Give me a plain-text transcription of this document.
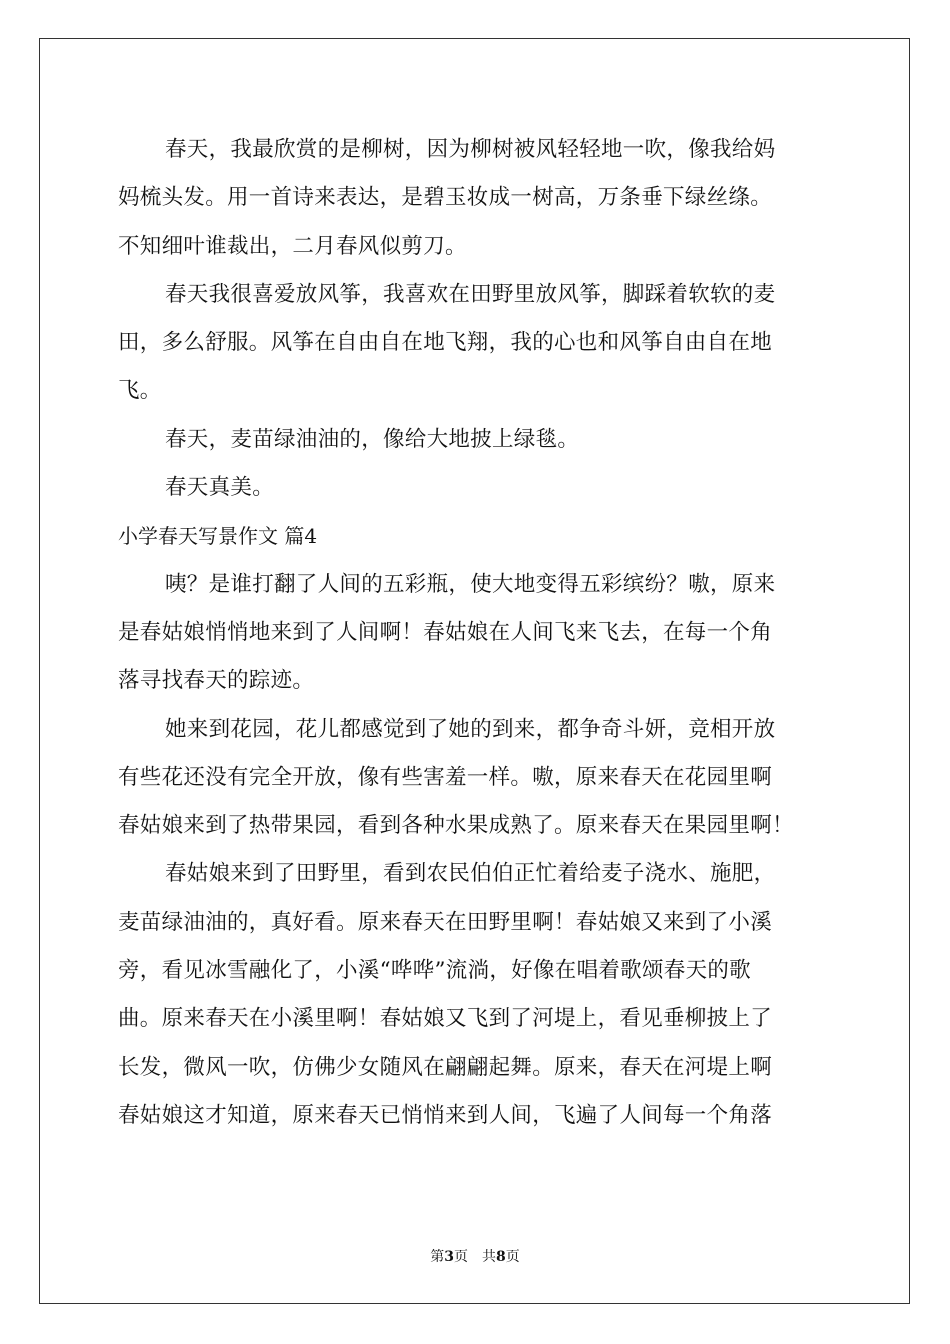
春天，我最欣赏的是柳树，因为柳树被风轻轻地一吹，像我给妈
妈梳头发。用一首诗来表达，是碧玉妆成一树高，万条垂下绿丝绦。
不知细叶谁裁出，二月春风似剪刀。
春天我很喜爱放风筝，我喜欢在田野里放风筝，脚踩着软软的麦
田，多么舒服。风筝在自由自在地飞翔，我的心也和风筝自由自在地
飞。
春天，麦苗绿油油的，像给大地披上绿毯。
春天真美。
小学春天写景作文 篇4
咦？是谁打翻了人间的五彩瓶，使大地变得五彩缤纷？嗷，原来
是春姑娘悄悄地来到了人间啊！春姑娘在人间飞来飞去，在每一个角
落寻找春天的踪迹。
她来到花园，花儿都感觉到了她的到来，都争奇斗妍，竞相开放
有些花还没有完全开放，像有些害羞一样。嗷，原来春天在花园里啊
春姑娘来到了热带果园，看到各种水果成熟了。原来春天在果园里啊！
春姑娘来到了田野里，看到农民伯伯正忙着给麦子浇水、施肥，
麦苗绿油油的，真好看。原来春天在田野里啊！春姑娘又来到了小溪
旁，看见冰雪融化了，小溪“哗哗”流淌，好像在唱着歌颂春天的歌
曲。原来春天在小溪里啊！春姑娘又飞到了河堤上，看见垂柳披上了
长发，微风一吹，仿佛少女随风在翩翩起舞。原来，春天在河堤上啊
春姑娘这才知道，原来春天已悄悄来到人间，飞遍了人间每一个角落
第3页　共8页
